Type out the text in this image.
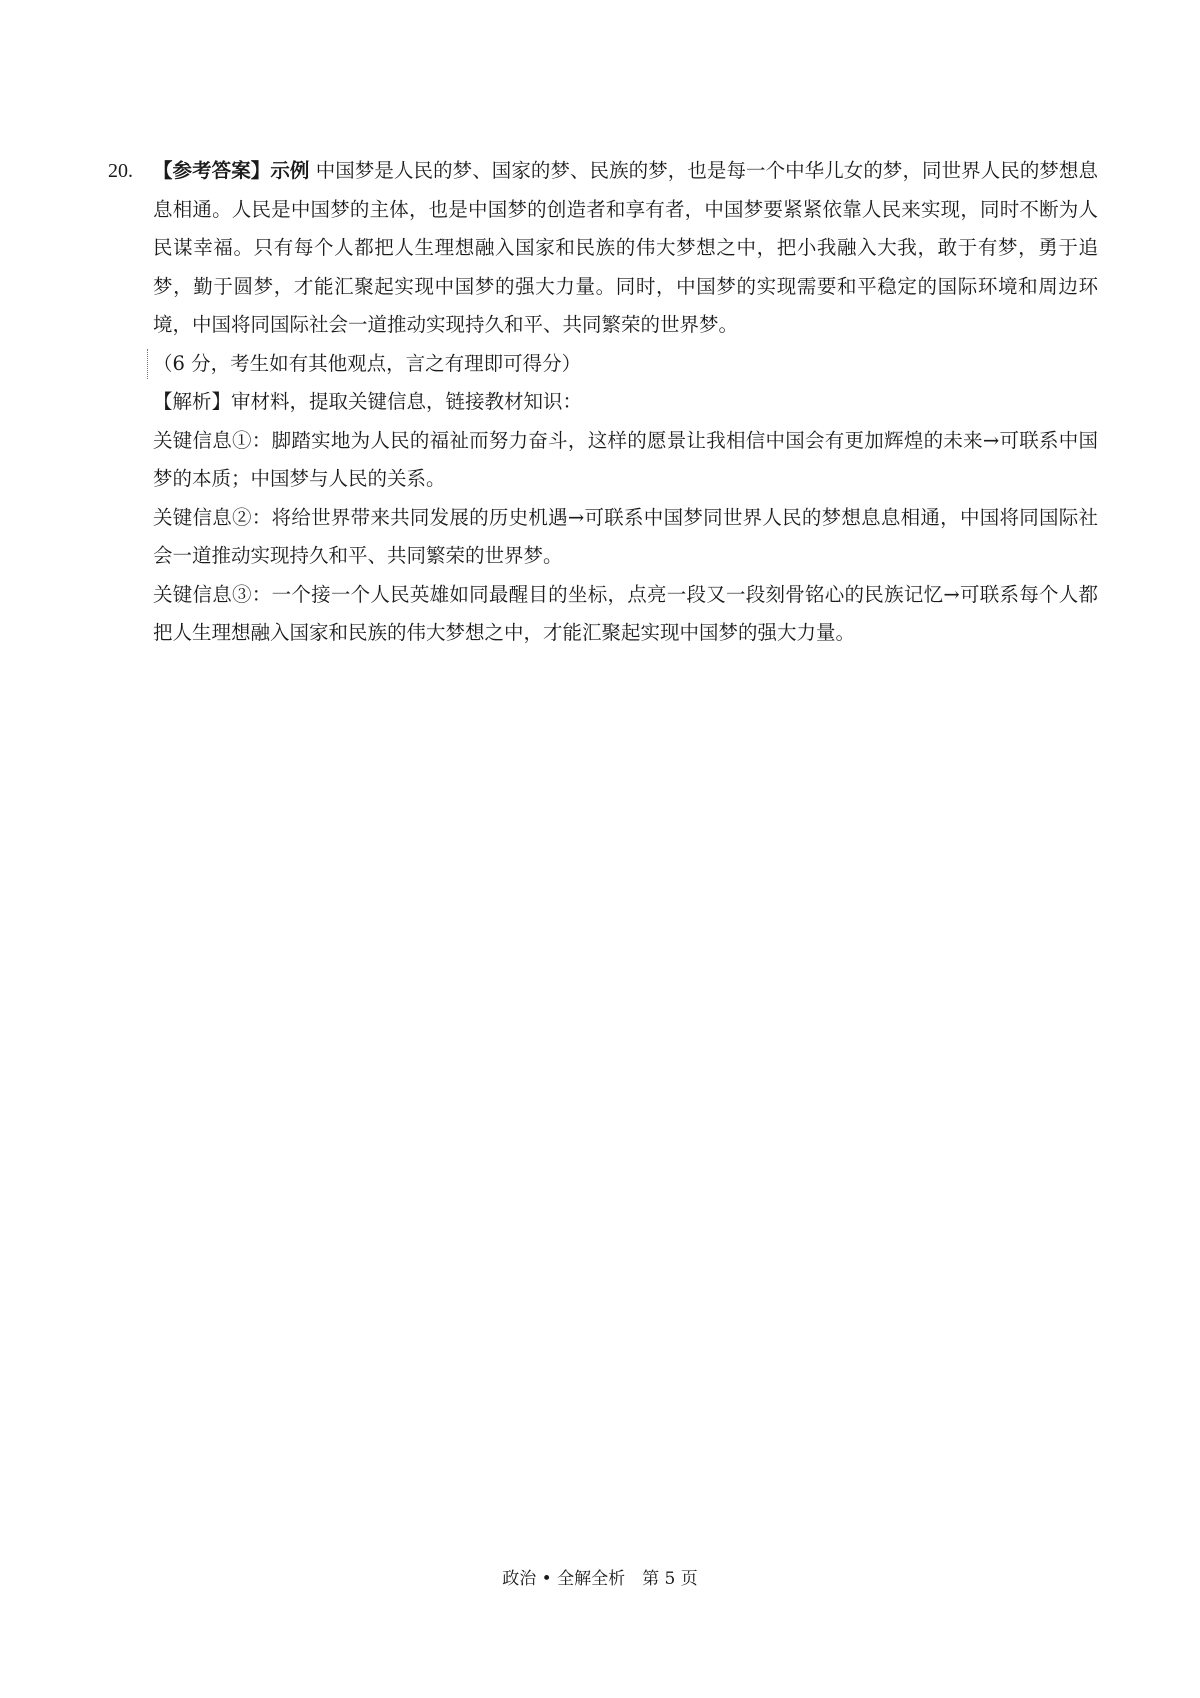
20. 【参考答案】示例 中国梦是人民的梦、国家的梦、民族的梦，也是每一个中华儿女的梦，同世界人民的梦想息息相通。人民是中国梦的主体，也是中国梦的创造者和享有者，中国梦要紧紧依靠人民来实现，同时不断为人民谋幸福。只有每个人都把人生理想融入国家和民族的伟大梦想之中，把小我融入大我，敢于有梦，勇于追梦，勤于圆梦，才能汇聚起实现中国梦的强大力量。同时，中国梦的实现需要和平稳定的国际环境和周边环境，中国将同国际社会一道推动实现持久和平、共同繁荣的世界梦。

（6 分，考生如有其他观点，言之有理即可得分）

【解析】审材料，提取关键信息，链接教材知识：

关键信息①：脚踏实地为人民的福祉而努力奋斗，这样的愿景让我相信中国会有更加辉煌的未来→可联系中国梦的本质；中国梦与人民的关系。

关键信息②：将给世界带来共同发展的历史机遇→可联系中国梦同世界人民的梦想息息相通，中国将同国际社会一道推动实现持久和平、共同繁荣的世界梦。

关键信息③：一个接一个人民英雄如同最醒目的坐标，点亮一段又一段刻骨铭心的民族记忆→可联系每个人都把人生理想融入国家和民族的伟大梦想之中，才能汇聚起实现中国梦的强大力量。

政治 • 全解全析　第 5 页
